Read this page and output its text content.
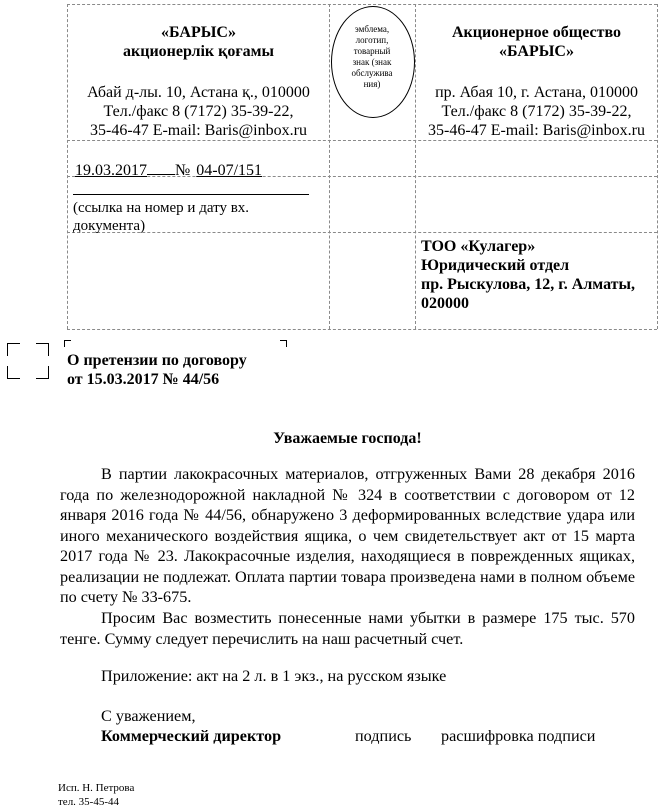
«БАРЫС»
акционерлік қоғамы
эмблема,
логотип,
товарный
знак (знак
обслужива
ния)
Акционерное общество
«БАРЫС»
Абай д-лы. 10, Астана қ., 010000
Тел./факс 8 (7172) 35-39-22,
35-46-47 E-mail: Baris@inbox.ru
пр. Абая 10, г. Астана, 010000
Тел./факс 8 (7172) 35-39-22,
35-46-47 E-mail: Baris@inbox.ru
19.03.2017 № 04-07/151
(ссылка на номер и дату вх.
документа)
ТОО «Кулагер»
Юридический отдел
пр. Рыскулова, 12, г. Алматы,
020000
О претензии по договору
от 15.03.2017 № 44/56
Уважаемые господа!
В партии лакокрасочных материалов, отгруженных Вами 28 декабря 2016 года по железнодорожной накладной № 324 в соответствии с договором от 12 января 2016 года № 44/56, обнаружено 3 деформированных вследствие удара или иного механического воздействия ящика, о чем свидетельствует акт от 15 марта 2017 года № 23. Лакокрасочные изделия, находящиеся в поврежденных ящиках, реализации не подлежат. Оплата партии товара произведена нами в полном объеме по счету № 33-675.
Просим Вас возместить понесенные нами убытки в размере 175 тыс. 570 тенге. Сумму следует перечислить на наш расчетный счет.
Приложение: акт на 2 л. в 1 экз., на русском языке
С уважением,
Коммерческий директор	подпись расшифровка подписи
Исп. Н. Петрова
тел. 35-45-44
